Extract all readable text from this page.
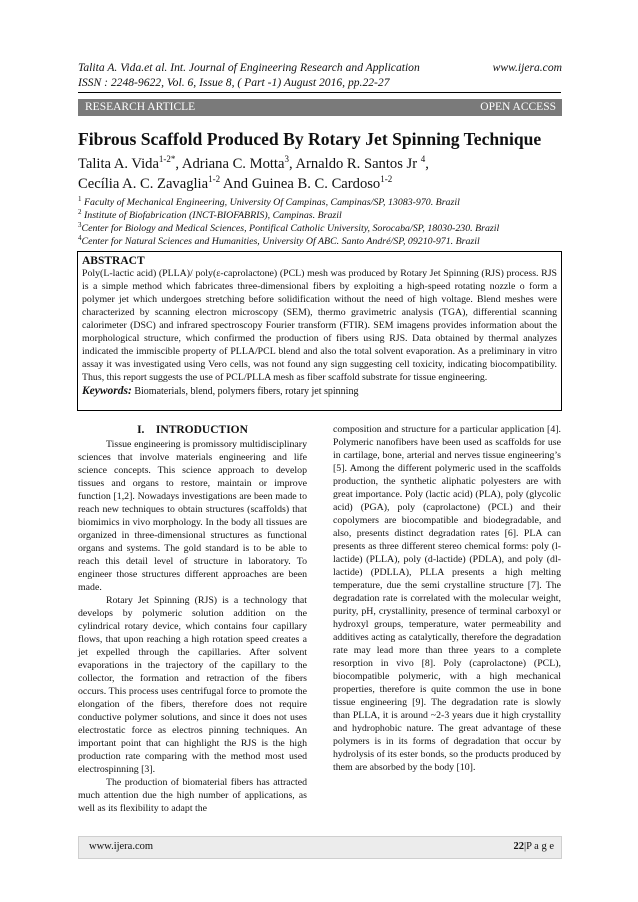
Talita A. Vida.et al. Int. Journal of Engineering Research and Application	www.ijera.com
ISSN : 2248-9622, Vol. 6, Issue 8, ( Part -1) August 2016, pp.22-27
RESEARCH ARTICLE	OPEN ACCESS
Fibrous Scaffold Produced By Rotary Jet Spinning Technique
Talita A. Vida$^{1-2*}$, Adriana C. Motta$^3$, Arnaldo R. Santos Jr $^4$,
Cecília A. C. Zavaglia$^{1-2}$ And Guinea B. C. Cardoso$^{1-2}$
$^1$ Faculty of Mechanical Engineering, University Of Campinas, Campinas/SP, 13083-970. Brazil
$^2$ Institute of Biofabrication (INCT-BIOFABRIS), Campinas. Brazil
$^3$Center for Biology and Medical Sciences, Pontifical Catholic University, Sorocaba/SP, 18030-230. Brazil
$^4$Center for Natural Sciences and Humanities, University Of ABC. Santo André/SP, 09210-971. Brazil
ABSTRACT
Poly(L-lactic acid) (PLLA)/ poly(ε-caprolactone) (PCL) mesh was produced by Rotary Jet Spinning (RJS) process. RJS is a simple method which fabricates three-dimensional fibers by exploiting a high-speed rotating nozzle o form a polymer jet which undergoes stretching before solidification without the need of high voltage. Blend meshes were characterized by scanning electron microscopy (SEM), thermo gravimetric analysis (TGA), differential scanning calorimeter (DSC) and infrared spectroscopy Fourier transform (FTIR). SEM imagens provides information about the morphological structure, which confirmed the production of fibers using RJS. Data obtained by thermal analyzes indicated the immiscible property of PLLA/PCL blend and also the total solvent evaporation. As a preliminary in vitro assay it was investigated using Vero cells, was not found any sign suggesting cell toxicity, indicating biocompatibility. Thus, this report suggests the use of PCL/PLLA mesh as fiber scaffold substrate for tissue engineering.
Keywords: Biomaterials, blend, polymers fibers, rotary jet spinning
I. INTRODUCTION

Tissue engineering is promissory multidisciplinary sciences that involve materials engineering and life science concepts. This science approach to develop tissues and organs to restore, maintain or improve function [1,2]. Nowadays investigations are been made to reach new techniques to obtain structures (scaffolds) that biomimics in vivo morphology. In the body all tissues are organized in three-dimensional structures as functional organs and systems. The gold standard is to be able to reach this detail level of structure in laboratory. To engineer those structures different approaches are been made.

Rotary Jet Spinning (RJS) is a technology that develops by polymeric solution addition on the cylindrical rotary device, which contains four capillary flows, that upon reaching a high rotation speed creates a jet expelled through the capillaries. After solvent evaporations in the trajectory of the capillary to the collector, the formation and retraction of the fibers occurs. This process uses centrifugal force to promote the elongation of the fibers, therefore does not require conductive polymer solutions, and since it does not uses electrostatic force as electros pinning techniques. An important point that can highlight the RJS is the high production rate comparing with the method most used electrospinning [3].

The production of biomaterial fibers has attracted much attention due the high number of applications, as well as its flexibility to adapt the

composition and structure for a particular application [4]. Polymeric nanofibers have been used as scaffolds for use in cartilage, bone, arterial and nerves tissue engineering’s [5]. Among the different polymeric used in the scaffolds production, the synthetic aliphatic polyesters are with great importance. Poly (lactic acid) (PLA), poly (glycolic acid) (PGA), poly (caprolactone) (PCL) and their copolymers are biocompatible and biodegradable, and also, presents distinct degradation rates [6]. PLA can presents as three different stereo chemical forms: poly (l-lactide) (PLLA), poly (d-lactide) (PDLA), and poly (dl-lactide) (PDLLA), PLLA presents a high melting temperature, due the semi crystalline structure [7]. The degradation rate is correlated with the molecular weight, purity, pH, crystallinity, presence of terminal carboxyl or hydroxyl groups, temperature, water permeability and additives acting as catalytically, therefore the degradation rate may lead more than three years to a complete resorption in vivo [8]. Poly (caprolactone) (PCL), biocompatible polymeric, with a high mechanical properties, therefore is quite common the use in bone tissue engineering [9]. The degradation rate is slowly than PLLA, it is around ~2-3 years due it high crystallity and hydrophobic nature. The great advantage of these polymers is in its forms of degradation that occur by hydrolysis of its ester bonds, so the products produced by them are absorbed by the body [10].

www.ijera.com	22|P a g e
